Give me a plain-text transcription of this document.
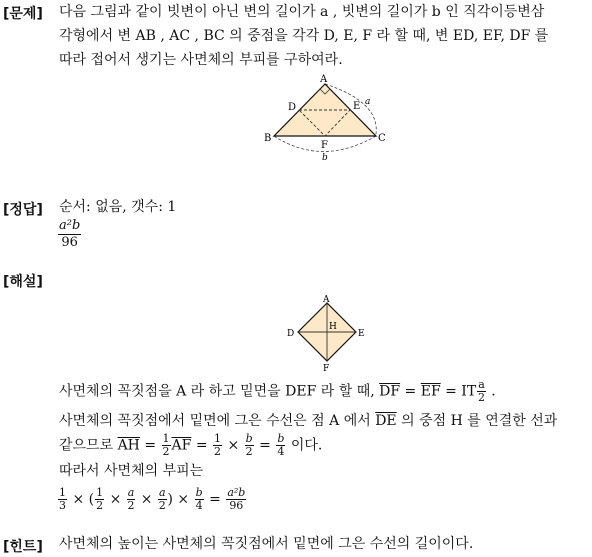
[문제] 다음 그림과 같이 빗변이 아닌 변의 길이가 a , 빗변의 길이가 b 인 직각이등변삼
각형에서 변 AB , AC , BC 의 중점을 각각 D, E, F 라 할 때, 변 ED, EF, DF 를
따라 접어서 생기는 사면체의 부피를 구하여라.
A
D	E
B	C
F
a
b
[정답] 순서: 없음, 갯수: 1
$\frac{\text{a²b}}{96}$
[해설]
A
D	E
H
F
사면체의 꼭짓점을 A 라 하고 밑면을 DEF 라 할 때, $\overline{DF} = \overline{EF}$ = IT $\frac{a}{2}$ .
사면체의 꼭짓점에서 밑면에 그은 수선은 점 A 에서 $\overline{DE}$ 의 중점 H 를 연결한 선과
같으므로 $\overline{AH} = \frac{1}{2} \overline{AF} = \frac{1}{2} \times \frac{b}{2} = \frac{b}{4}$ 이다.
따라서 사면체의 부피는
$\frac{1}{3}$ × ( $\frac{1}{2} \times \frac{a}{2} \times \frac{a}{2}$ ) × $\frac{b}{4} = \frac{\text{a²b}}{96}$
[힌트] 사면체의 높이는 사면체의 꼭짓점에서 밑면에 그은 수선의 길이이다.
